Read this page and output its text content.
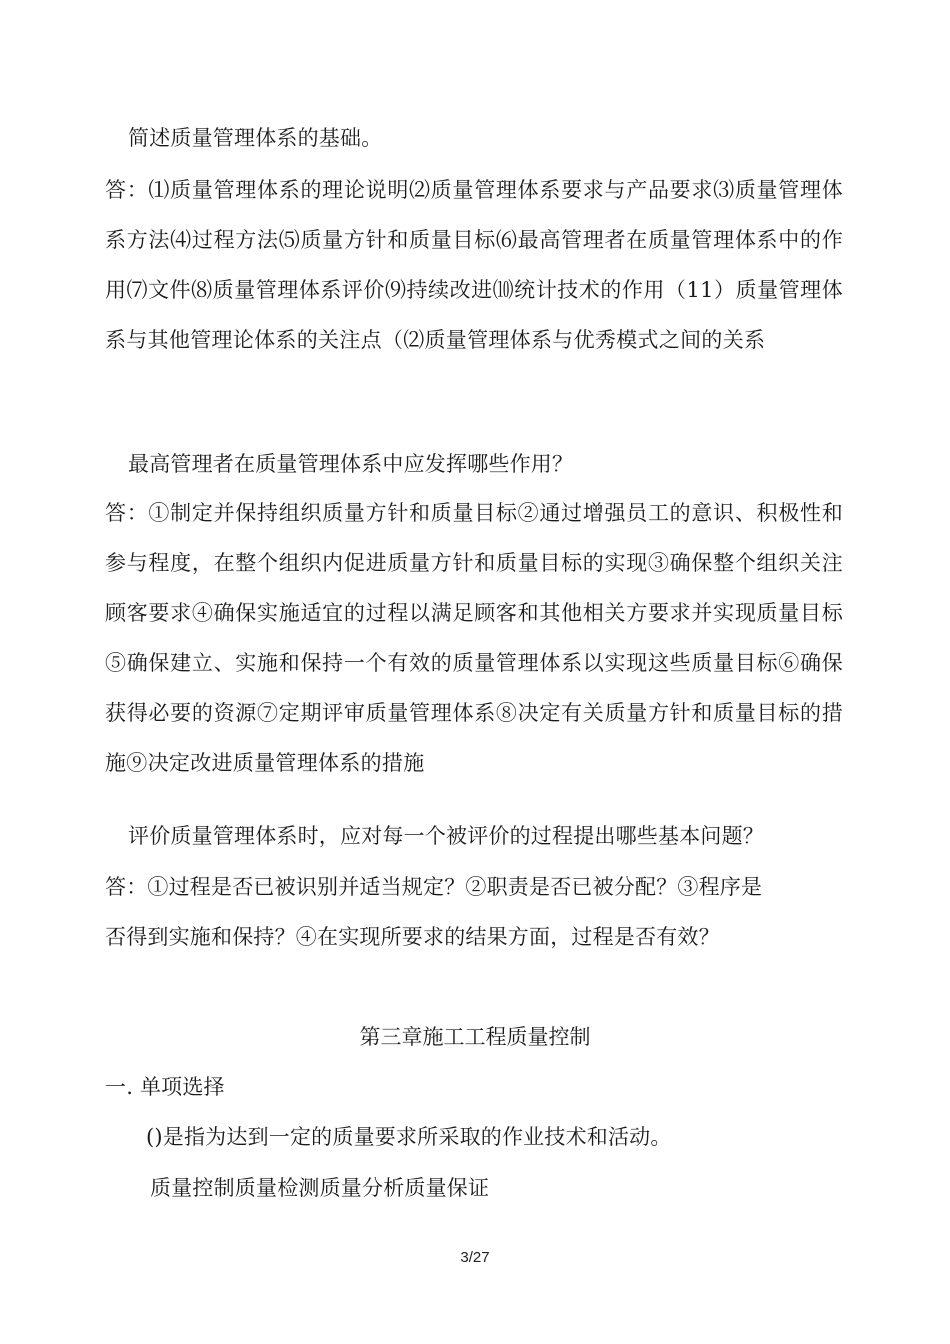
简述质量管理体系的基础。
答：⑴质量管理体系的理论说明⑵质量管理体系要求与产品要求⑶质量管理体系方法⑷过程方法⑸质量方针和质量目标⑹最高管理者在质量管理体系中的作用⑺文件⑻质量管理体系评价⑼持续改进⑽统计技术的作用（11）质量管理体系与其他管理论体系的关注点（⑵质量管理体系与优秀模式之间的关系
最高管理者在质量管理体系中应发挥哪些作用？
答：①制定并保持组织质量方针和质量目标②通过增强员工的意识、积极性和参与程度，在整个组织内促进质量方针和质量目标的实现③确保整个组织关注顾客要求④确保实施适宜的过程以满足顾客和其他相关方要求并实现质量目标⑤确保建立、实施和保持一个有效的质量管理体系以实现这些质量目标⑥确保获得必要的资源⑦定期评审质量管理体系⑧决定有关质量方针和质量目标的措施⑨决定改进质量管理体系的措施
评价质量管理体系时，应对每一个被评价的过程提出哪些基本问题？
答：①过程是否已被识别并适当规定？②职责是否已被分配？③程序是
否得到实施和保持？④在实现所要求的结果方面，过程是否有效？
第三章施工工程质量控制
一. 单项选择
()是指为达到一定的质量要求所采取的作业技术和活动。
质量控制质量检测质量分析质量保证
3/27
